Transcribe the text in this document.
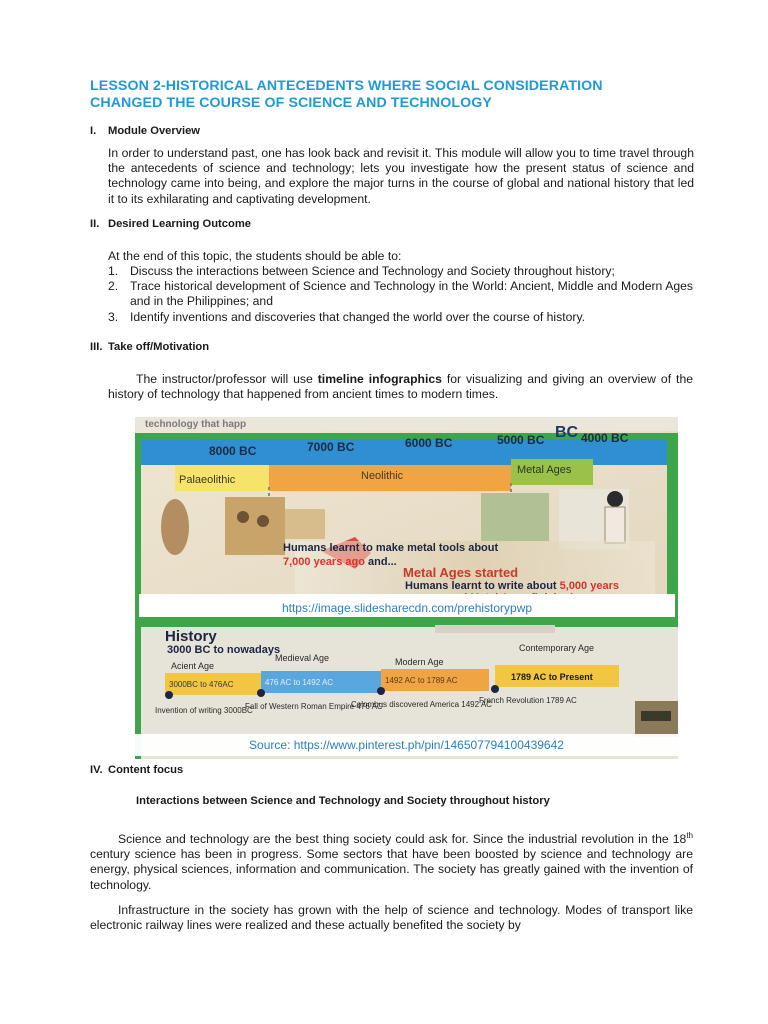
LESSON 2-HISTORICAL ANTECEDENTS WHERE SOCIAL CONSIDERATION
CHANGED THE COURSE OF SCIENCE AND TECHNOLOGY
I. Module Overview
In order to understand past, one has look back and revisit it. This module will allow you to time travel through the antecedents of science and technology; lets you investigate how the present status of science and technology came into being, and explore the major turns in the course of global and national history that led it to its exhilarating and captivating development.
II. Desired Learning Outcome
At the end of this topic, the students should be able to:
1. Discuss the interactions between Science and Technology and Society throughout history;
2. Trace historical development of Science and Technology in the World: Ancient, Middle and Modern Ages and in the Philippines; and
3. Identify inventions and discoveries that changed the world over the course of history.
III. Take off/Motivation
The instructor/professor will use timeline infographics for visualizing and giving an overview of the history of technology that happened from ancient times to modern times.
technology that happ	BC
8000 BC	7000 BC	6000 BC	5000 BC	4000 BC
Palaeolithic	Neolithic	Metal Ages
Humans learnt to make metal tools about
7,000 years ago and...
Metal Ages started
Humans learnt to write about 5,000 years
https://image.slidesharecdn.com/prehistorypwp
History
3000 BC to nowadays
Acient Age
Medieval Age	Modern Age
Contemporary Age
3000BC to 476AC	476 AC to 1492 AC	1492 AC to 1789 AC	1789 AC to Present
Invention of writing 3000BC
Fall of Western Roman Empire 476 AC
Colombus discovered America 1492 AC
French Revolution 1789 AC
Source: https://www.pinterest.ph/pin/146507794100439642
IV. Content focus
Interactions between Science and Technology and Society throughout history
Science and technology are the best thing society could ask for. Since the industrial revolution in the 18th century science has been in progress. Some sectors that have been boosted by science and technology are energy, physical sciences, information and communication. The society has greatly gained with the invention of technology.
Infrastructure in the society has grown with the help of science and technology. Modes of transport like electronic railway lines were realized and these actually benefited the society by
